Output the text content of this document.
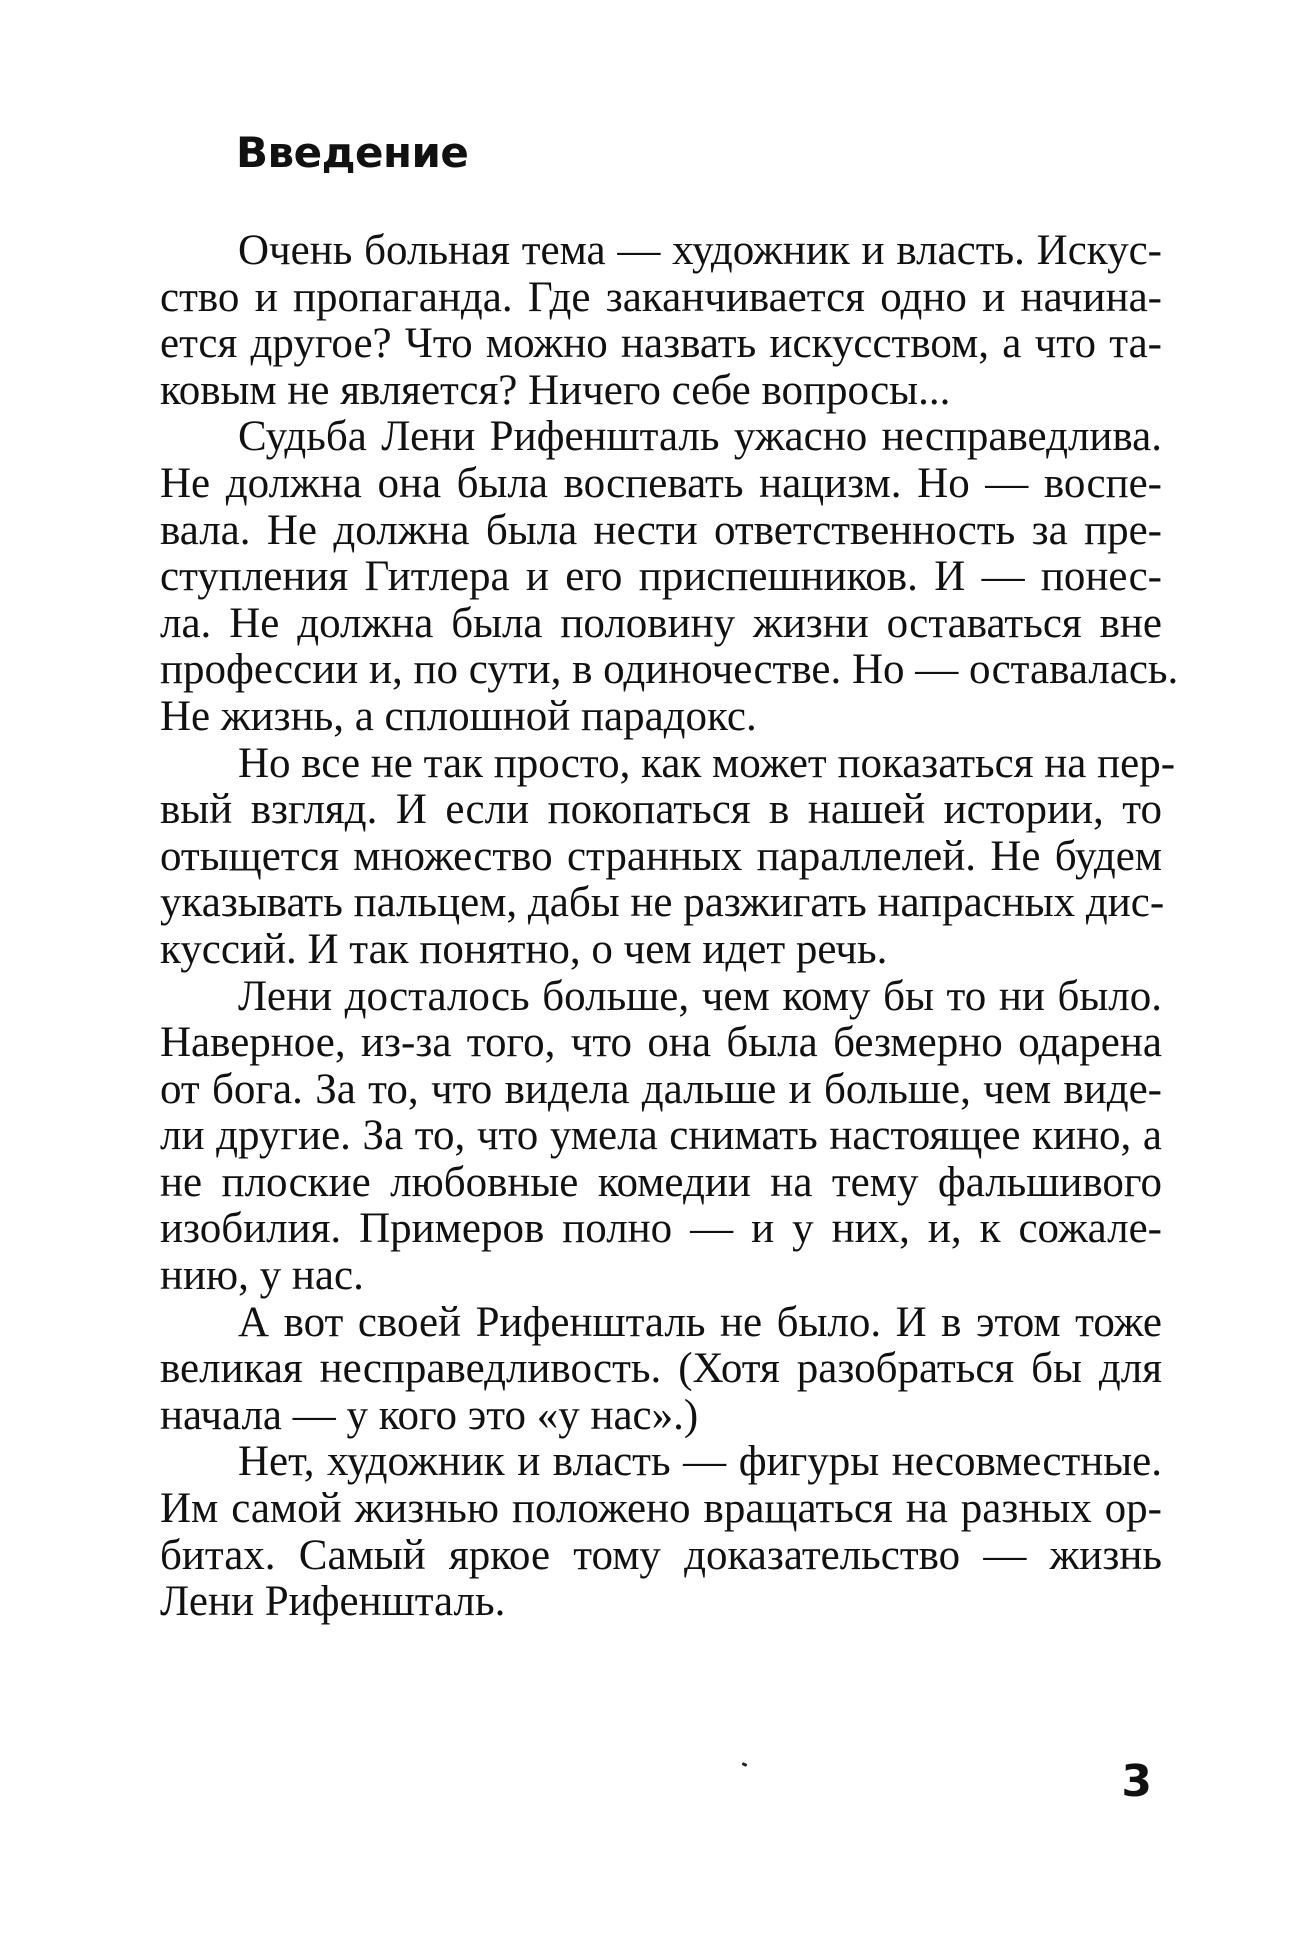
Введение
Очень больная тема — художник и власть. Искус-
ство и пропаганда. Где заканчивается одно и начина-
ется другое? Что можно назвать искусством, а что та-
ковым не является? Ничего себе вопросы...
Судьба Лени Рифеншталь ужасно несправедлива.
Не должна она была воспевать нацизм. Но — воспе-
вала. Не должна была нести ответственность за пре-
ступления Гитлера и его приспешников. И — понес-
ла. Не должна была половину жизни оставаться вне
профессии и, по сути, в одиночестве. Но — оставалась.
Не жизнь, а сплошной парадокс.
Но все не так просто, как может показаться на пер-
вый взгляд. И если покопаться в нашей истории, то
отыщется множество странных параллелей. Не будем
указывать пальцем, дабы не разжигать напрасных дис-
куссий. И так понятно, о чем идет речь.
Лени досталось больше, чем кому бы то ни было.
Наверное, из-за того, что она была безмерно одарена
от бога. За то, что видела дальше и больше, чем виде-
ли другие. За то, что умела снимать настоящее кино, а
не плоские любовные комедии на тему фальшивого
изобилия. Примеров полно — и у них, и, к сожале-
нию, у нас.
А вот своей Рифеншталь не было. И в этом тоже
великая несправедливость. (Хотя разобраться бы для
начала — у кого это «у нас».)
Нет, художник и власть — фигуры несовместные.
Им самой жизнью положено вращаться на разных ор-
битах. Самый яркое тому доказательство — жизнь
Лени Рифеншталь.
3
